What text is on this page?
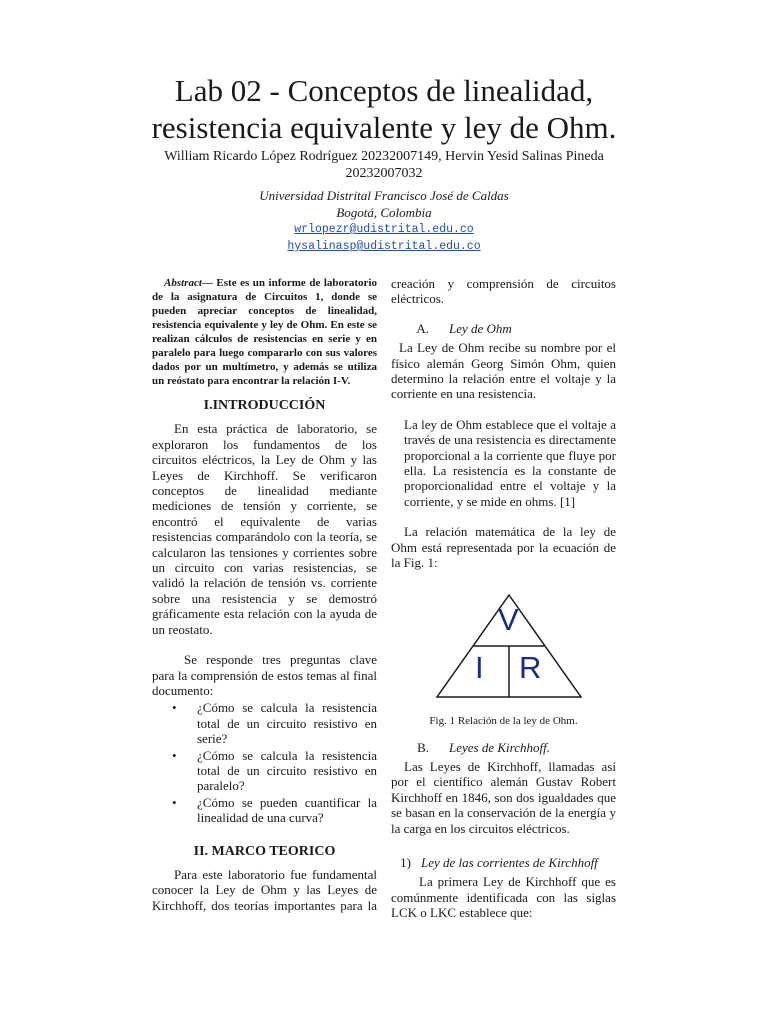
Lab 02 - Conceptos de linealidad,
resistencia equivalente y ley de Ohm.
William Ricardo López Rodríguez 20232007149, Hervin Yesid Salinas Pineda
20232007032
Universidad Distrital Francisco José de Caldas
Bogotá, Colombia
wrlopezr@udistrital.edu.co
hysalinasp@udistrital.edu.co

Abstract— Este es un informe de laboratorio de la asignatura de Circuitos 1, donde se pueden apreciar conceptos de linealidad, resistencia equivalente y ley de Ohm. En este se realizan cálculos de resistencias en serie y en paralelo para luego compararlo con sus valores dados por un multímetro, y además se utiliza un reóstato para encontrar la relación I-V.

I.INTRODUCCIÓN

En esta práctica de laboratorio, se exploraron los fundamentos de los circuitos eléctricos, la Ley de Ohm y las Leyes de Kirchhoff. Se verificaron conceptos de linealidad mediante mediciones de tensión y corriente, se encontró el equivalente de varias resistencias comparándolo con la teoría, se calcularon las tensiones y corrientes sobre un circuito con varias resistencias, se validó la relación de tensión vs. corriente sobre una resistencia y se demostró gráficamente esta relación con la ayuda de un reostato.

Se responde tres preguntas clave para la comprensión de estos temas al final documento:

• ¿Cómo se calcula la resistencia total de un circuito resistivo en serie?
• ¿Cómo se calcula la resistencia total de un circuito resistivo en paralelo?
• ¿Cómo se pueden cuantificar la linealidad de una curva?
II. MARCO TEORICO

Para este laboratorio fue fundamental conocer la Ley de Ohm y las Leyes de Kirchhoff, dos teorías importantes para la

creación y comprensión de circuitos eléctricos.

A. Ley de Ohm

La Ley de Ohm recibe su nombre por el físico alemán Georg Simón Ohm, quien determino la relación entre el voltaje y la corriente en una resistencia.

La ley de Ohm establece que el voltaje a través de una resistencia es directamente proporcional a la corriente que fluye por ella. La resistencia es la constante de proporcionalidad entre el voltaje y la corriente, y se mide en ohms. [1]

La relación matemática de la ley de Ohm está representada por la ecuación de la Fig. 1:

V
I R
Fig. 1 Relación de la ley de Ohm.
B. Leyes de Kirchhoff.

Las Leyes de Kirchhoff, llamadas así por el científico alemán Gustav Robert Kirchhoff en 1846, son dos igualdades que se basan en la conservación de la energía y la carga en los circuitos eléctricos.

1) Ley de las corrientes de Kirchhoff

La primera Ley de Kirchhoff que es comúnmente identificada con las siglas LCK o LKC establece que:
